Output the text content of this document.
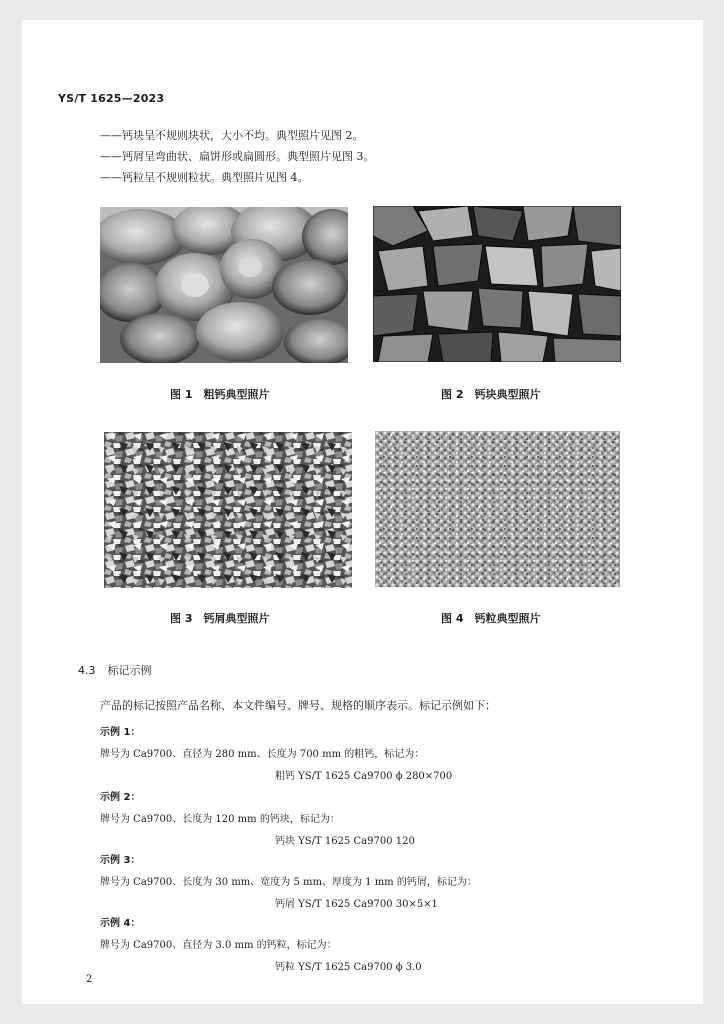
YS/T 1625—2023
——钙块呈不规则块状，大小不均。典型照片见图 2。
——钙屑呈弯曲状、扁饼形或扁圆形。典型照片见图 3。
——钙粒呈不规则粒状。典型照片见图 4。
图 1　粗钙典型照片	图 2　钙块典型照片
图 3　钙屑典型照片	图 4　钙粒典型照片
4.3 标记示例
产品的标记按照产品名称、本文件编号、牌号、规格的顺序表示。标记示例如下：
示例 1：
牌号为 Ca9700、直径为 280 mm、长度为 700 mm 的粗钙，标记为：
粗钙 YS/T 1625 Ca9700 ϕ 280×700
示例 2：
牌号为 Ca9700、长度为 120 mm 的钙块，标记为：
钙块 YS/T 1625 Ca9700 120
示例 3：
牌号为 Ca9700、长度为 30 mm、宽度为 5 mm、厚度为 1 mm 的钙屑，标记为：
钙屑 YS/T 1625 Ca9700 30×5×1
示例 4：
牌号为 Ca9700、直径为 3.0 mm 的钙粒，标记为：
钙粒 YS/T 1625 Ca9700 ϕ 3.0
2
